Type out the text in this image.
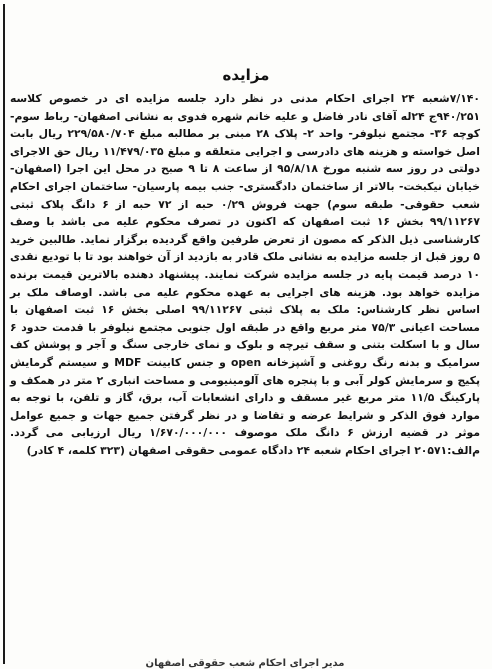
مزایده

۷/۱۴۰شعبه ۲۴ اجرای احکام مدنی در نظر دارد جلسه مزایده ای در خصوص کلاسه ۹۴۰/۲۵۱ج ۲۴له آقای نادر فاضل و علیه خانم شهره فدوی به نشانی اصفهان- رباط سوم- کوچه ۳۶- مجتمع نیلوفر- واحد ۲- پلاک ۲۸ مبنی بر مطالبه مبلغ ۲۲۹/۵۸۰/۷۰۴ ریال بابت اصل خواسته و هزینه های دادرسی و اجرایی متعلقه و مبلغ ۱۱/۴۷۹/۰۳۵ ریال حق الاجرای دولتی در روز سه شنبه مورخ ۹۵/۸/۱۸ از ساعت ۸ تا ۹ صبح در محل این اجرا (اصفهان- خیابان نیکبخت- بالاتر از ساختمان دادگستری- جنب بیمه پارسیان- ساختمان اجرای احکام شعب حقوقی- طبقه سوم) جهت فروش ۰/۲۹ حبه از ۷۲ حبه از ۶ دانگ پلاک ثبتی ۹۹/۱۱۲۶۷ بخش ۱۶ ثبت اصفهان که اکنون در تصرف محکوم علیه می باشد با وصف کارشناسی ذیل الذکر که مصون از تعرض طرفین واقع گردیده برگزار نماید. طالبین خرید ۵ روز قبل از جلسه مزایده به نشانی ملک قادر به بازدید از آن خواهند بود تا با تودیع نقدی ۱۰ درصد قیمت پایه در جلسه مزایده شرکت نمایند. پیشنهاد دهنده بالاترین قیمت برنده مزایده خواهد بود. هزینه های اجرایی به عهده محکوم علیه می باشد. اوصاف ملک بر اساس نظر کارشناس: ملک به پلاک ثبتی ۹۹/۱۱۲۶۷ اصلی بخش ۱۶ ثبت اصفهان با مساحت اعیانی ۷۵/۳ متر مربع واقع در طبقه اول جنوبی مجتمع نیلوفر با قدمت حدود ۶ سال و با اسکلت بتنی و سقف تیرچه و بلوک و نمای خارجی سنگ و آجر و پوشش کف سرامیک و بدنه رنگ روغنی و آشپزخانه open و جنس کابینت MDF و سیستم گرمایش پکیج و سرمایش کولر آبی و با پنجره های آلومینیومی و مساحت انباری ۲ متر در همکف و پارکینگ ۱۱/۵ متر مربع غیر مسقف و دارای انشعابات آب، برق، گاز و تلفن، با توجه به موارد فوق الذکر و شرایط عرضه و تقاضا و در نظر گرفتن جمیع جهات و جمیع عوامل موثر در قضیه ارزش ۶ دانگ ملک موصوف ۱/۶۷۰/۰۰۰/۰۰۰ ریال ارزیابی می گردد. م‌الف:۲۰۵۷۱ اجرای احکام شعبه ۲۴ دادگاه عمومی حقوقی اصفهان (۳۲۳ کلمه، ۴ کادر)

مدیر اجرای احکام شعب حقوقی اصفهان
